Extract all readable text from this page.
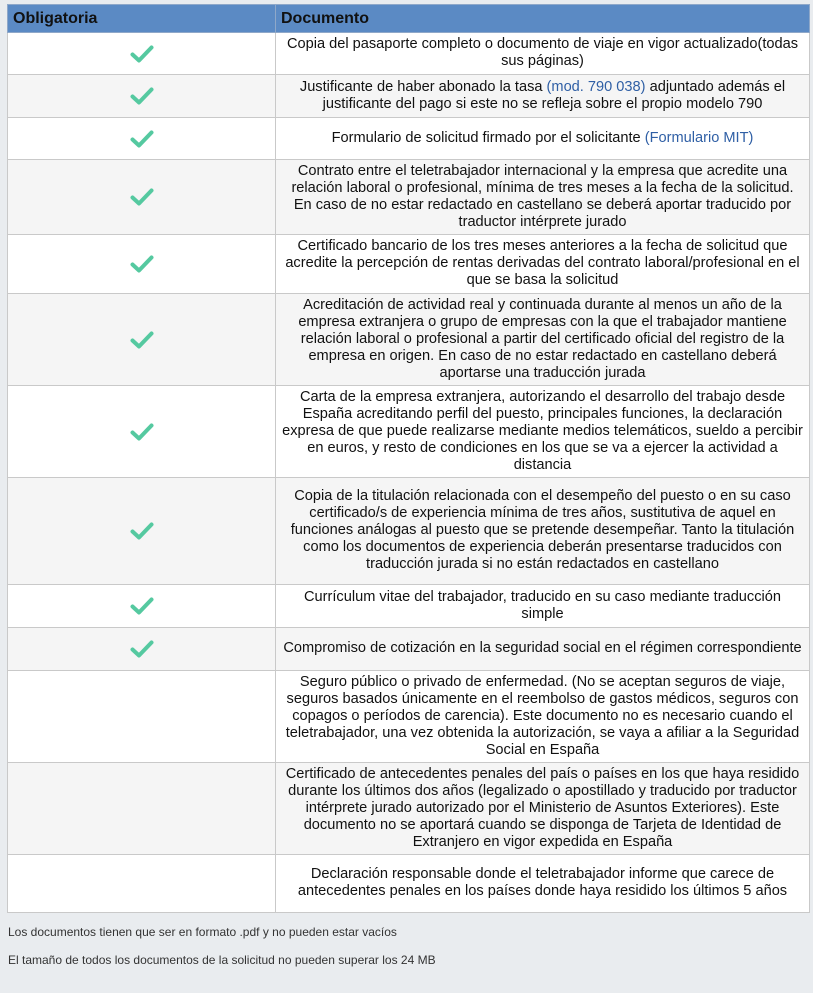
Obligatoria	Documento
	Copia del pasaporte completo o documento de viaje en vigor actualizado(todas sus páginas)
	Justificante de haber abonado la tasa (mod. 790 038) adjuntado además el justificante del pago si este no se refleja sobre el propio modelo 790
	Formulario de solicitud firmado por el solicitante (Formulario MIT)
	Contrato entre el teletrabajador internacional y la empresa que acredite una relación laboral o profesional, mínima de tres meses a la fecha de la solicitud. En caso de no estar redactado en castellano se deberá aportar traducido por traductor intérprete jurado
	Certificado bancario de los tres meses anteriores a la fecha de solicitud que acredite la percepción de rentas derivadas del contrato laboral/profesional en el que se basa la solicitud
	Acreditación de actividad real y continuada durante al menos un año de la empresa extranjera o grupo de empresas con la que el trabajador mantiene relación laboral o profesional a partir del certificado oficial del registro de la empresa en origen. En caso de no estar redactado en castellano deberá aportarse una traducción jurada
	Carta de la empresa extranjera, autorizando el desarrollo del trabajo desde España acreditando perfil del puesto, principales funciones, la declaración expresa de que puede realizarse mediante medios telemáticos, sueldo a percibir en euros, y resto de condiciones en los que se va a ejercer la actividad a distancia
	Copia de la titulación relacionada con el desempeño del puesto o en su caso certificado/s de experiencia mínima de tres años, sustitutiva de aquel en funciones análogas al puesto que se pretende desempeñar. Tanto la titulación como los documentos de experiencia deberán presentarse traducidos con traducción jurada si no están redactados en castellano
	Currículum vitae del trabajador, traducido en su caso mediante traducción simple
	Compromiso de cotización en la seguridad social en el régimen correspondiente
	Seguro público o privado de enfermedad. (No se aceptan seguros de viaje, seguros basados únicamente en el reembolso de gastos médicos, seguros con copagos o períodos de carencia). Este documento no es necesario cuando el teletrabajador, una vez obtenida la autorización, se vaya a afiliar a la Seguridad Social en España
	Certificado de antecedentes penales del país o países en los que haya residido durante los últimos dos años (legalizado o apostillado y traducido por traductor intérprete jurado autorizado por el Ministerio de Asuntos Exteriores). Este documento no se aportará cuando se disponga de Tarjeta de Identidad de Extranjero en vigor expedida en España
	Declaración responsable donde el teletrabajador informe que carece de antecedentes penales en los países donde haya residido los últimos 5 años
Los documentos tienen que ser en formato .pdf y no pueden estar vacíos
El tamaño de todos los documentos de la solicitud no pueden superar los 24 MB
